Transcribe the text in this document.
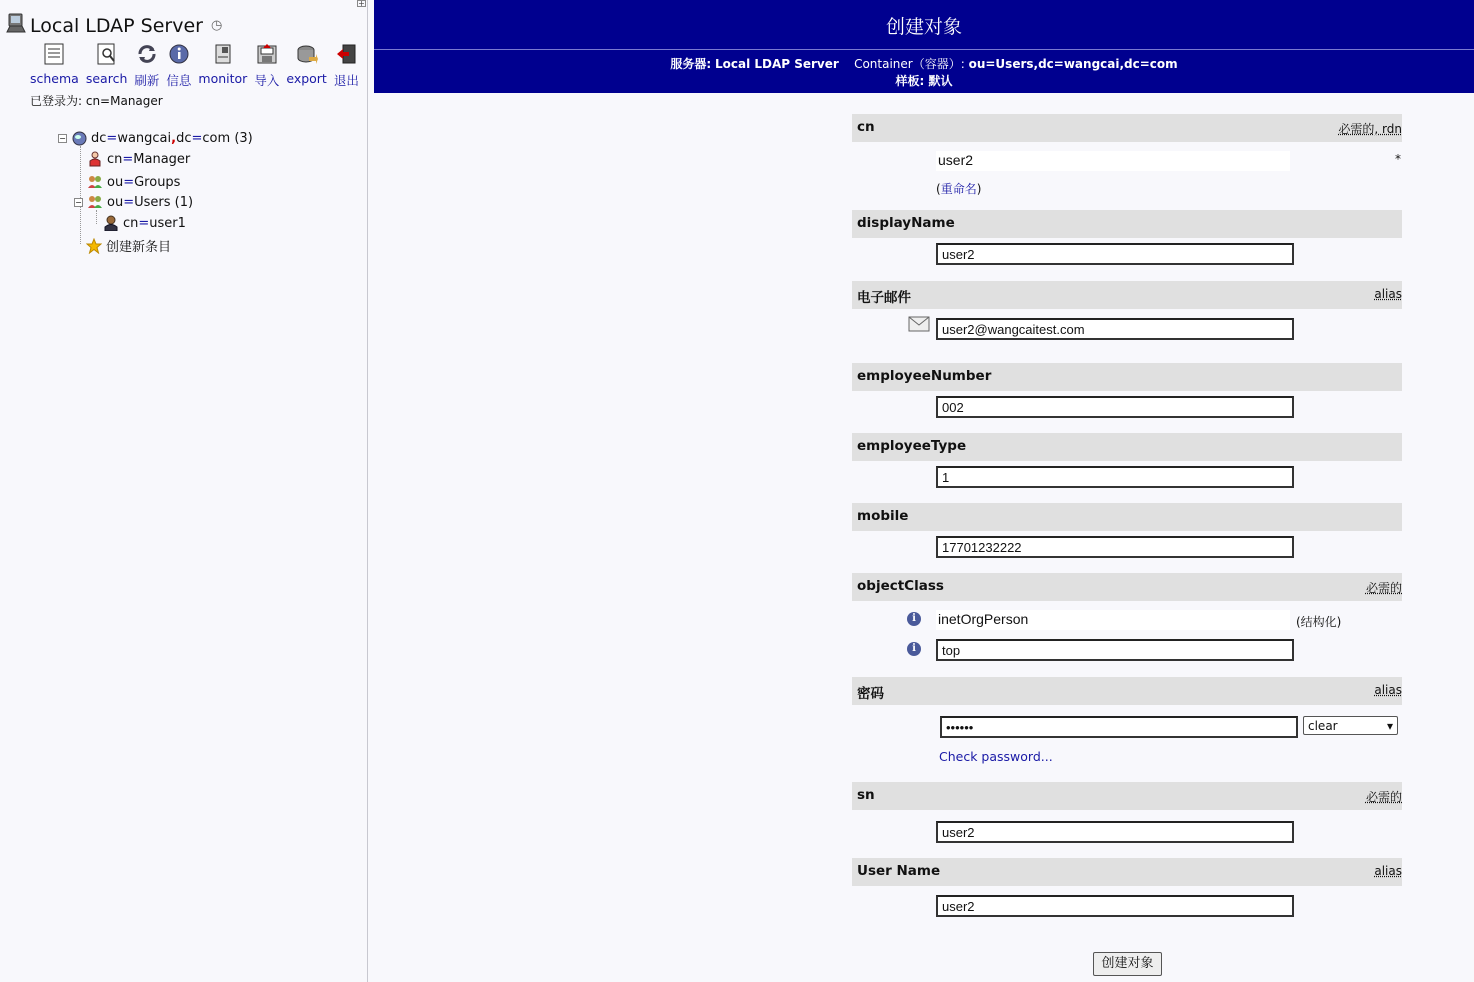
+
Local LDAP Server ◷
schema search 刷新 信息 monitor 导入 export 退出
已登录为: cn=Manager
− dc=wangcai,dc=com (3)
cn=Manager
ou=Groups
− ou=Users (1)
cn=user1
创建新条目
创建对象
服务器: Local LDAP Server Container（容器）: ou=Users,dc=wangcai,dc=com
样板: 默认
cn	必需的, rdn
user2	*
(重命名)
displayName
user2
电子邮件	alias
user2@wangcaitest.com
employeeNumber
002
employeeType
1
mobile
17701232222
objectClass	必需的
i	inetOrgPerson	(结构化)
i	top
密码	alias
••••••	clear	▾
Check password...
sn	必需的
user2
User Name	alias
user2
创建对象
